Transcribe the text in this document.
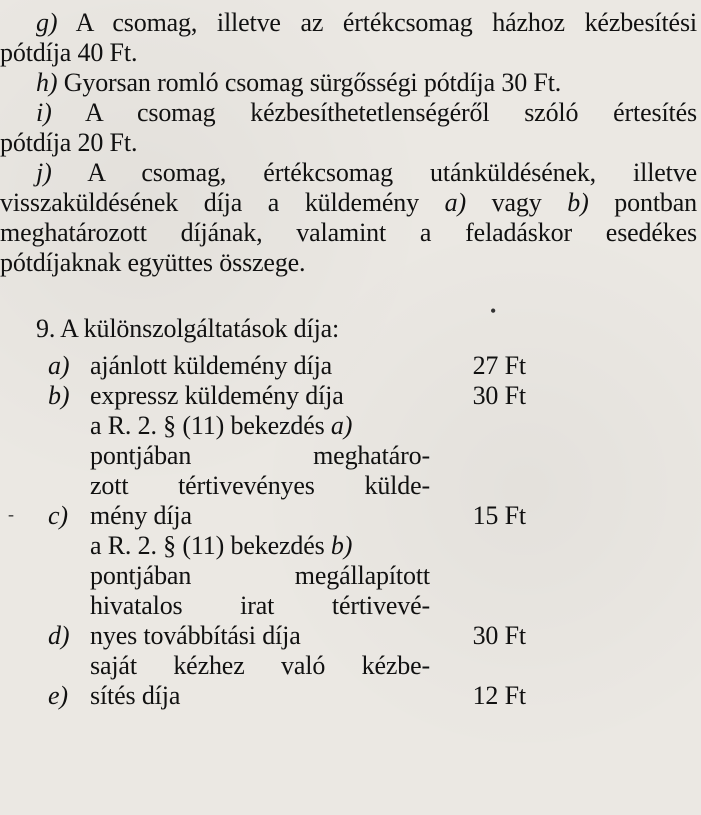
g) A csomag, illetve az értékcsomag házhoz kézbesítési
pótdíja 40 Ft.

h) Gyorsan romló csomag sürgősségi pótdíja 30 Ft.

i) A csomag kézbesíthetetlenségéről szóló értesítés
pótdíja 20 Ft.

j) A csomag, értékcsomag utánküldésének, illetve
visszaküldésének díja a küldemény a) vagy b) pontban
meghatározott díjának, valamint a feladáskor esedékes
pótdíjaknak együttes összege.

9. A különszolgáltatások díja:
a) ajánlott küldemény díja	27 Ft
b) expressz küldemény díja	30 Ft
c)
a R. 2. § (11) bekezdés a)
pontjában meghatáro-
zott tértivevényes külde-
mény díja	15 Ft
d)
a R. 2. § (11) bekezdés b)
pontjában megállapított
hivatalos irat tértivevé-
nyes továbbítási díja	30 Ft
e)
saját kézhez való kézbe-
sítés díja	12 Ft
-
•
